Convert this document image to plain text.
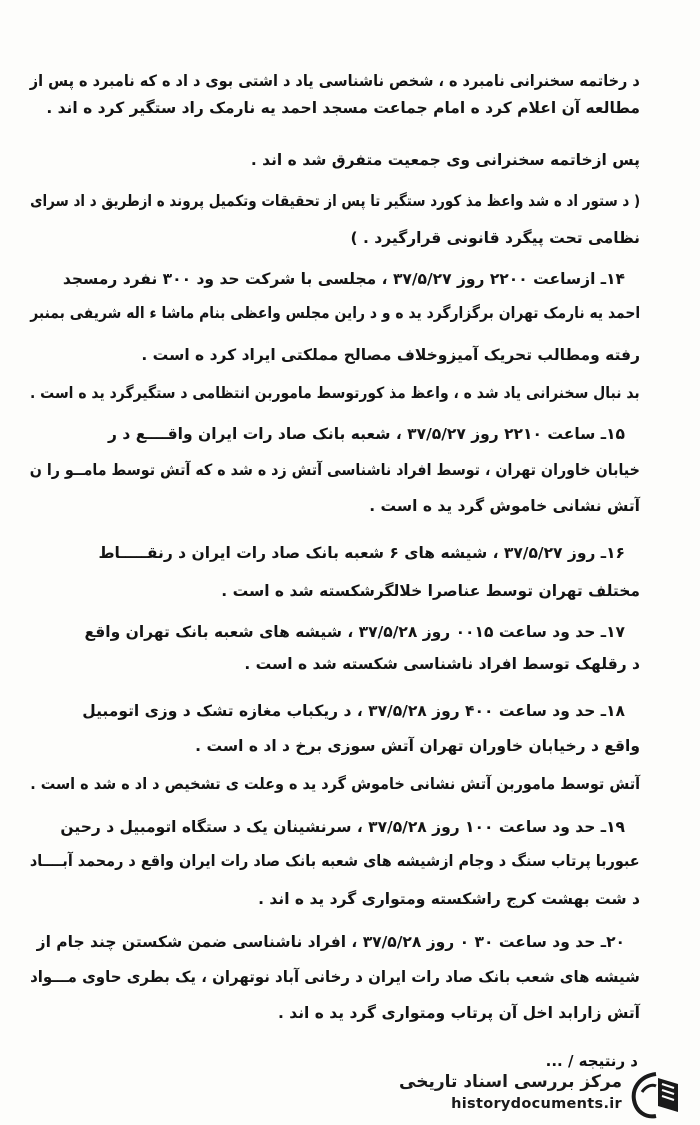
د رخاتمه سخنرانی نامبرد ه ، شخص ناشناسی یاد د اشتی بوی د اد ه که نامبرد ه پس از
مطالعه آن اعلام کرد ه امام جماعت مسجد احمد یه نارمک راد ستگیر کرد ه اند .
پس ازخاتمه سخنرانی وی جمعیت متفرق شد ه اند .
( د ستور اد ه شد واعظ مذ کورد ستگیر تا پس از تحقیقات وتکمیل پروند ه ازطریق د اد سرای
نظامی تحت پیگرد قانونی قرارگیرد . )
۱۴ـ ازساعت ۲۲۰۰ روز ۳۷/۵/۲۷ ، مجلسی با شرکت حد ود ۳۰۰ نفرد رمسجد
احمد یه نارمک تهران برگزارگرد ید ه و د راین مجلس واعظی بنام ماشا ء اله شریفی بمنبر
رفته ومطالب تحریک آمیزوخلاف مصالح مملکتی ایراد کرد ه است .
بد نبال سخنرانی یاد شد ه ، واعظ مذ کورتوسط ماموربن انتظامی د ستگیرگرد ید ه است .
۱۵ـ ساعت ۲۲۱۰ روز ۳۷/۵/۲۷ ، شعبه بانک صاد رات ایران واقــــع د ر
خیابان خاوران تهران ، توسط افراد ناشناسی آتش زد ه شد ه که آتش توسط مامــو را ن
آتش نشانی خاموش گرد ید ه است .
۱۶ـ روز ۳۷/۵/۲۷ ، شیشه های ۶ شعبه بانک صاد رات ایران د رنقـــــاط
مختلف تهران توسط عناصرا خلالگرشکسته شد ه است .
۱۷ـ حد ود ساعت ۰۰۱۵ روز ۳۷/۵/۲۸ ، شیشه های شعبه بانک تهران واقع
د رقلهک توسط افراد ناشناسی شکسته شد ه است .
۱۸ـ حد ود ساعت ۴۰۰ روز ۳۷/۵/۲۸ ، د ریکباب مغازه تشک د وزی اتومبیل
واقع د رخیابان خاوران تهران آتش سوزی برخ د اد ه است .
آتش توسط ماموربن آتش نشانی خاموش گرد ید ه وعلت ی تشخیص د اد ه شد ه است .
۱۹ـ حد ود ساعت ۱۰۰ روز ۳۷/۵/۲۸ ، سرنشینان یک د ستگاه اتومبیل د رحین
عبوربا پرتاب سنگ د وجام ازشیشه های شعبه بانک صاد رات ایران واقع د رمحمد آبــــاد
د شت بهشت کرج راشکسته ومتواری گرد ید ه اند .
۲۰ـ حد ود ساعت ۳۰ ۰ روز ۳۷/۵/۲۸ ، افراد ناشناسی ضمن شکستن چند جام از
شیشه های شعب بانک صاد رات ایران د رخانی آباد نوتهران ، یک بطری حاوی مـــواد
آتش زارابد اخل آن پرتاب ومتواری گرد ید ه اند .
د رنتیجه / ...
مرکز بررسی اسناد تاریخی
historydocuments.ir
